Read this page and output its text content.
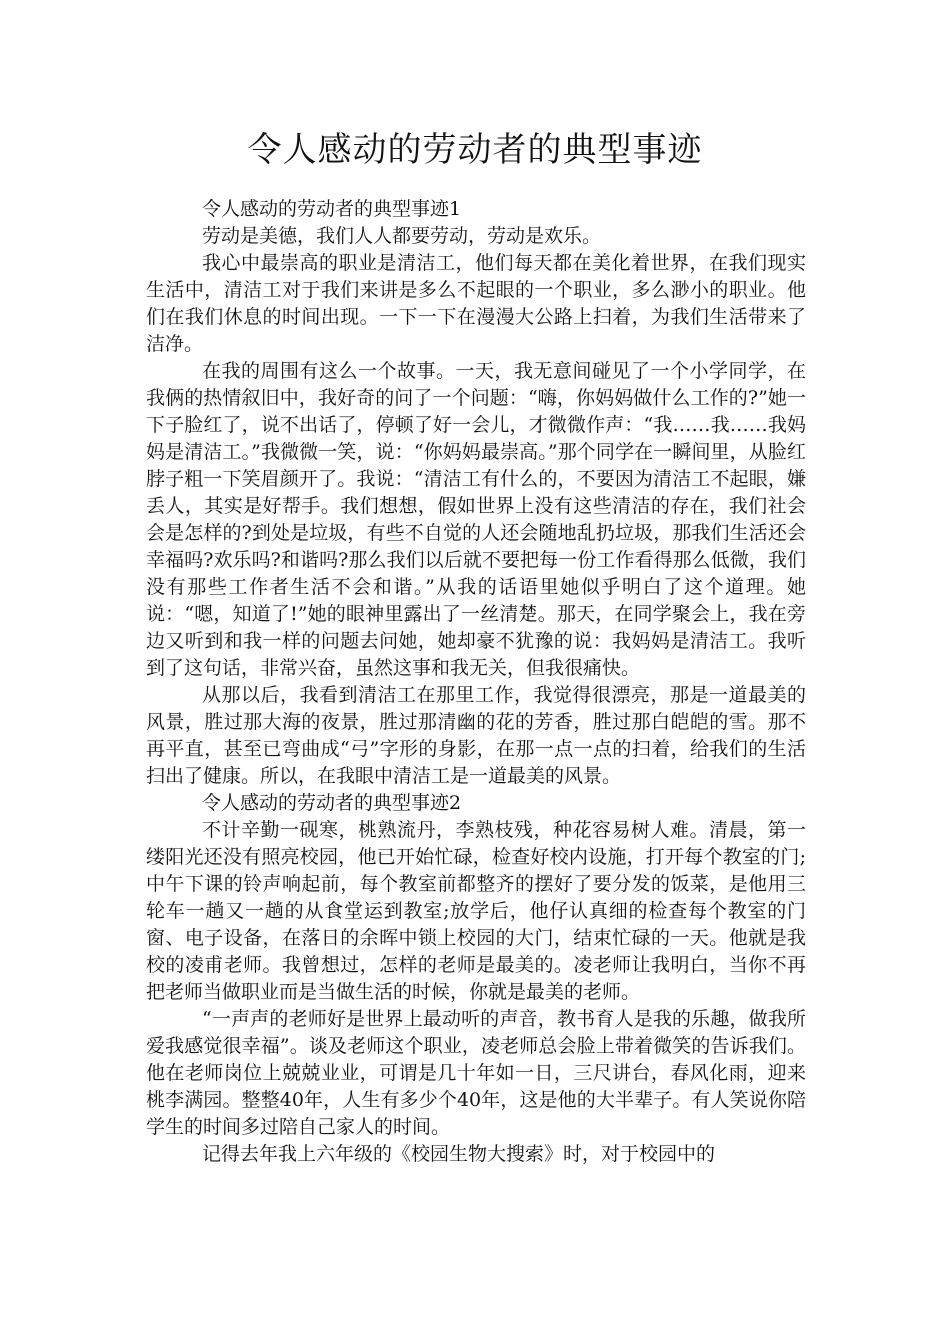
令人感动的劳动者的典型事迹

令人感动的劳动者的典型事迹1

劳动是美德，我们人人都要劳动，劳动是欢乐。

我心中最崇高的职业是清洁工，他们每天都在美化着世界，在我们现实生活中，清洁工对于我们来讲是多么不起眼的一个职业，多么渺小的职业。他们在我们休息的时间出现。一下一下在漫漫大公路上扫着，为我们生活带来了洁净。

在我的周围有这么一个故事。一天，我无意间碰见了一个小学同学，在我俩的热情叙旧中，我好奇的问了一个问题：“嗨，你妈妈做什么工作的?”她一下子脸红了，说不出话了，停顿了好一会儿，才微微作声：“我……我……我妈妈是清洁工。”我微微一笑，说：“你妈妈最崇高。”那个同学在一瞬间里，从脸红脖子粗一下笑眉颜开了。我说：“清洁工有什么的，不要因为清洁工不起眼，嫌丢人，其实是好帮手。我们想想，假如世界上没有这些清洁的存在，我们社会会是怎样的?到处是垃圾，有些不自觉的人还会随地乱扔垃圾，那我们生活还会幸福吗?欢乐吗?和谐吗?那么我们以后就不要把每一份工作看得那么低微，我们没有那些工作者生活不会和谐。”从我的话语里她似乎明白了这个道理。她说：“嗯，知道了!”她的眼神里露出了一丝清楚。那天，在同学聚会上，我在旁边又听到和我一样的问题去问她，她却豪不犹豫的说：我妈妈是清洁工。我听到了这句话，非常兴奋，虽然这事和我无关，但我很痛快。

从那以后，我看到清洁工在那里工作，我觉得很漂亮，那是一道最美的风景，胜过那大海的夜景，胜过那清幽的花的芳香，胜过那白皑皑的雪。那不再平直，甚至已弯曲成“弓”字形的身影，在那一点一点的扫着，给我们的生活扫出了健康。所以，在我眼中清洁工是一道最美的风景。

令人感动的劳动者的典型事迹2

不计辛勤一砚寒，桃熟流丹，李熟枝残，种花容易树人难。清晨，第一缕阳光还没有照亮校园，他已开始忙碌，检查好校内设施，打开每个教室的门;中午下课的铃声响起前，每个教室前都整齐的摆好了要分发的饭菜，是他用三轮车一趟又一趟的从食堂运到教室;放学后，他仔认真细的检查每个教室的门窗、电子设备，在落日的余晖中锁上校园的大门，结束忙碌的一天。他就是我校的凌甫老师。我曾想过，怎样的老师是最美的。凌老师让我明白，当你不再把老师当做职业而是当做生活的时候，你就是最美的老师。

“一声声的老师好是世界上最动听的声音，教书育人是我的乐趣，做我所爱我感觉很幸福”。谈及老师这个职业，凌老师总会脸上带着微笑的告诉我们。他在老师岗位上兢兢业业，可谓是几十年如一日，三尺讲台，春风化雨，迎来桃李满园。整整40年，人生有多少个40年，这是他的大半辈子。有人笑说你陪学生的时间多过陪自己家人的时间。

记得去年我上六年级的《校园生物大搜索》时，对于校园中的
